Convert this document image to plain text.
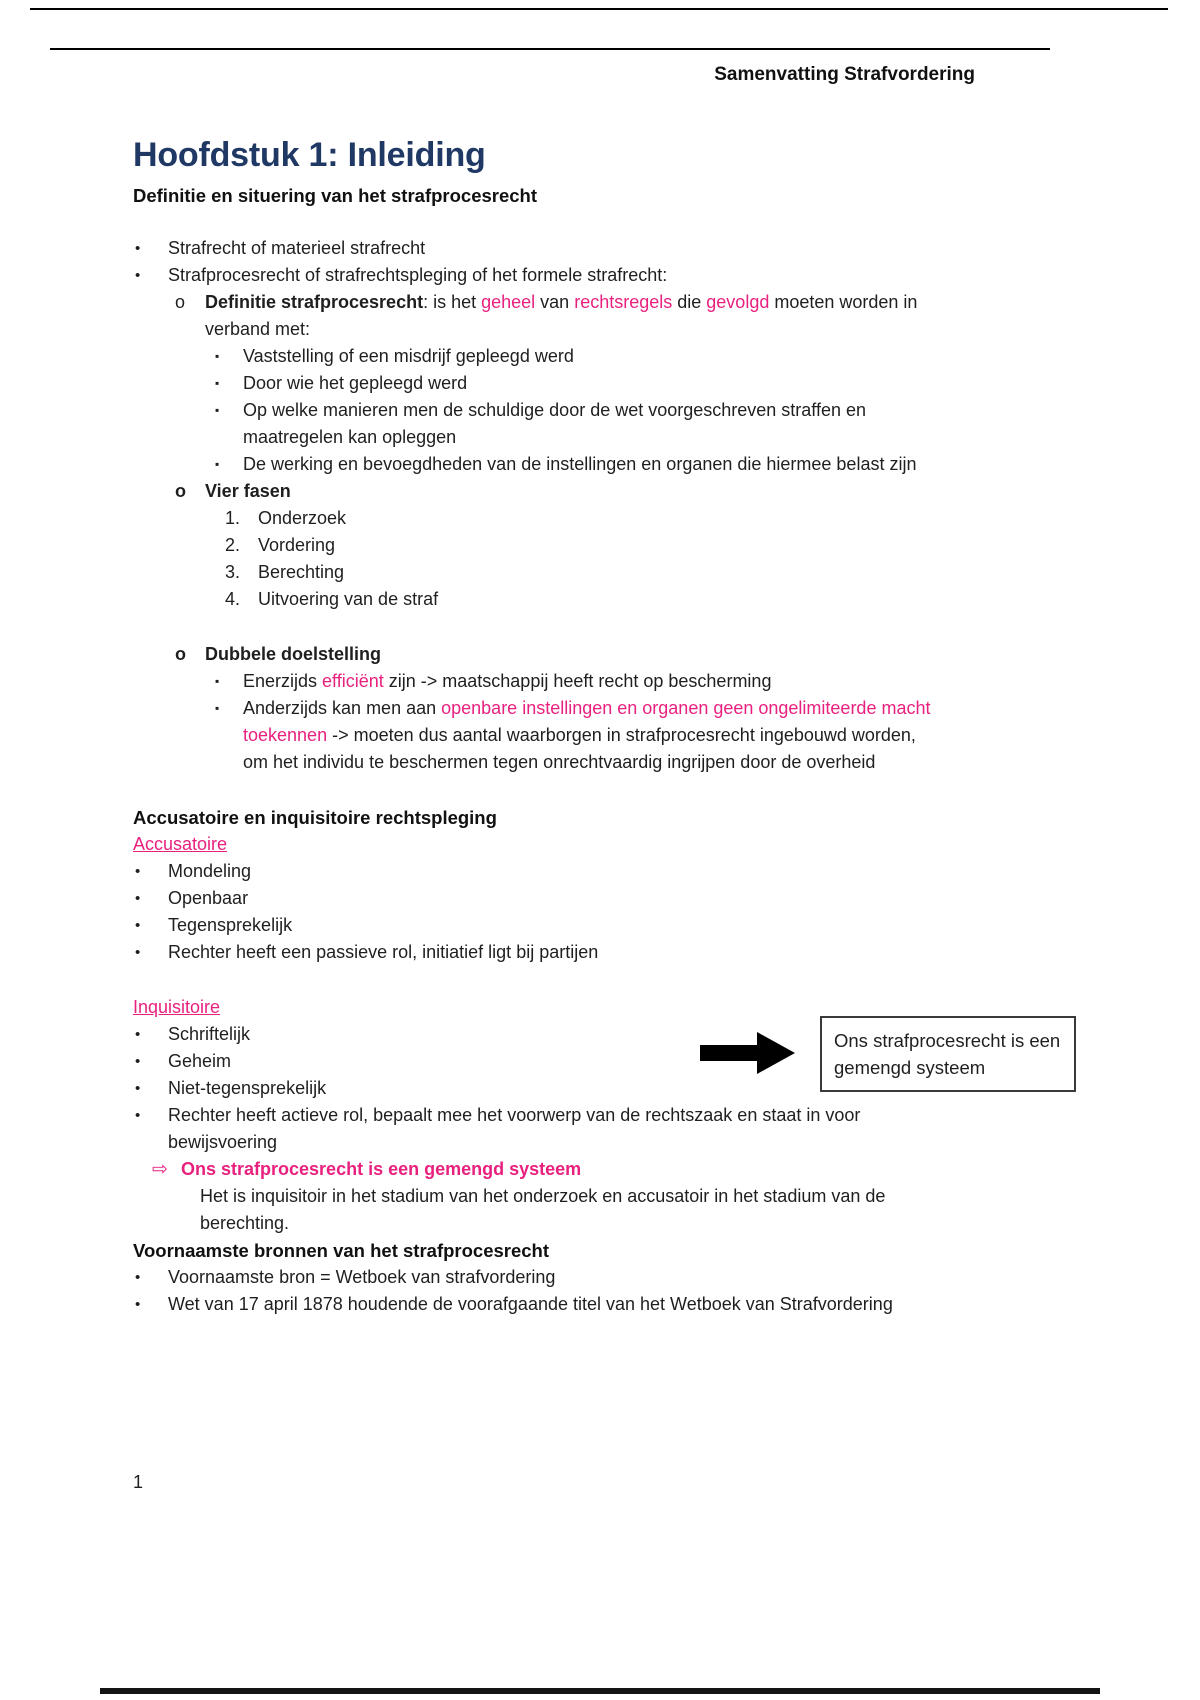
Samenvatting Strafvordering
Hoofdstuk 1: Inleiding
Definitie en situering van het strafprocesrecht
•	Strafrecht of materieel strafrecht

•	Strafprocesrecht of strafrechtspleging of het formele strafrecht:

o	Definitie strafprocesrecht: is het geheel van rechtsregels die gevolgd moeten worden in verband met:

▪	Vaststelling of een misdrijf gepleegd werd

▪	Door wie het gepleegd werd

▪	Op welke manieren men de schuldige door de wet voorgeschreven straffen en maatregelen kan opleggen

▪	De werking en bevoegdheden van de instellingen en organen die hiermee belast zijn

o	Vier fasen

1. Onderzoek

2. Vordering

3. Berechting

4. Uitvoering van de straf

o	Dubbele doelstelling

▪	Enerzijds efficiënt zijn -> maatschappij heeft recht op bescherming

▪	Anderzijds kan men aan openbare instellingen en organen geen ongelimiteerde macht toekennen -> moeten dus aantal waarborgen in strafprocesrecht ingebouwd worden, om het individu te beschermen tegen onrechtvaardig ingrijpen door de overheid

Accusatoire en inquisitoire rechtspleging
Accusatoire
•	Mondeling

•	Openbaar

•	Tegensprekelijk

•	Rechter heeft een passieve rol, initiatief ligt bij partijen

Inquisitoire
•	Schriftelijk

•	Geheim

•	Niet-tegensprekelijk

•	Rechter heeft actieve rol, bepaalt mee het voorwerp van de rechtszaak en staat in voor bewijsvoering

⇨ Ons strafprocesrecht is een gemengd systeem

Het is inquisitoir in het stadium van het onderzoek en accusatoir in het stadium van de berechting.

Voornaamste bronnen van het strafprocesrecht
•	Voornaamste bron = Wetboek van strafvordering

•	Wet van 17 april 1878 houdende de voorafgaande titel van het Wetboek van Strafvordering

Ons strafprocesrecht is een gemengd systeem
1
